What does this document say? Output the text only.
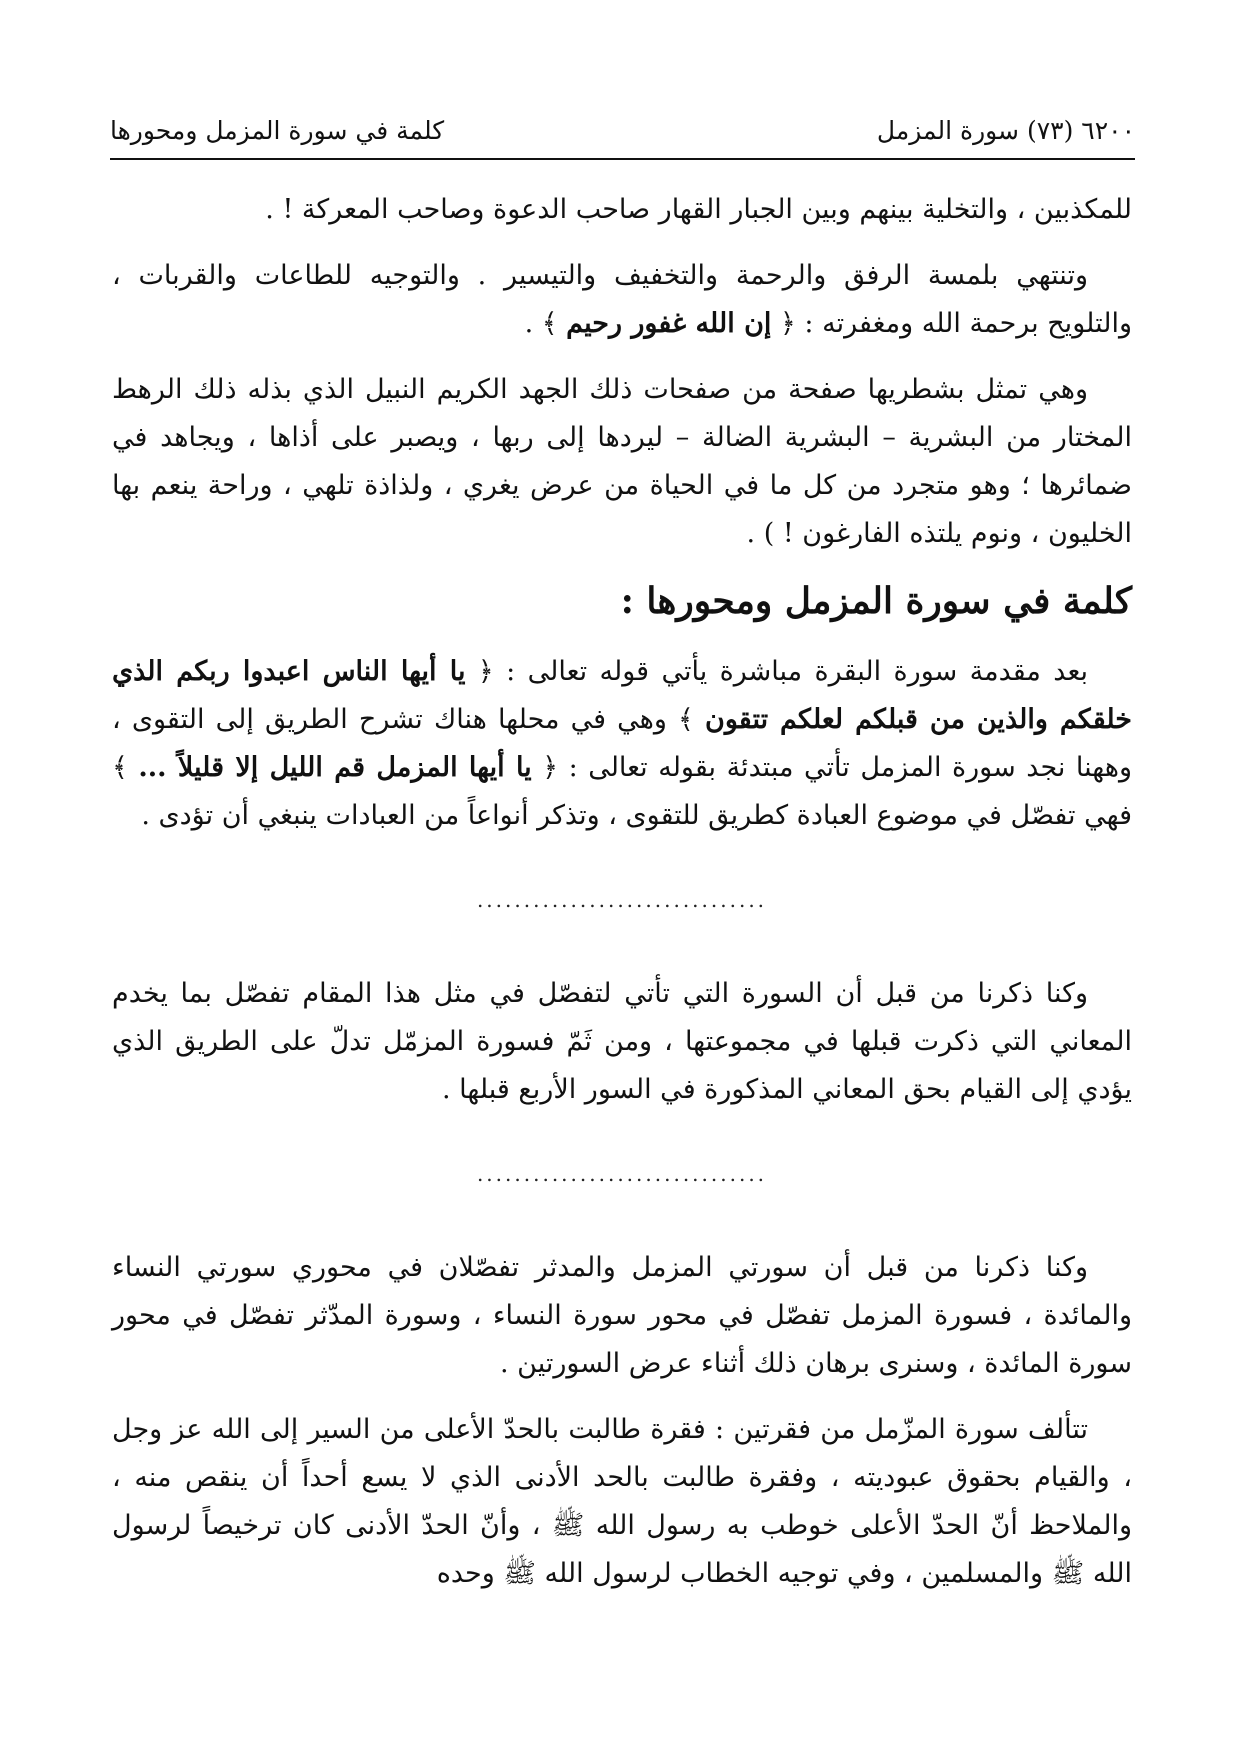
٦٢٠٠ (٧٣) سورة المزمل
كلمة في سورة المزمل ومحورها

للمكذبين ، والتخلية بينهم وبين الجبار القهار صاحب الدعوة وصاحب المعركة ! .

وتنتهي بلمسة الرفق والرحمة والتخفيف والتيسير . والتوجيه للطاعات والقربات ، والتلويح برحمة الله ومغفرته : ﴿ إن الله غفور رحيم ﴾ .

وهي تمثل بشطريها صفحة من صفحات ذلك الجهد الكريم النبيل الذي بذله ذلك الرهط المختار من البشرية – البشرية الضالة – ليردها إلى ربها ، ويصبر على أذاها ، ويجاهد في ضمائرها ؛ وهو متجرد من كل ما في الحياة من عرض يغري ، ولذاذة تلهي ، وراحة ينعم بها الخليون ، ونوم يلتذه الفارغون ! ) .

كلمة في سورة المزمل ومحورها :

بعد مقدمة سورة البقرة مباشرة يأتي قوله تعالى : ﴿ يا أيها الناس اعبدوا ربكم الذي خلقكم والذين من قبلكم لعلكم تتقون ﴾ وهي في محلها هناك تشرح الطريق إلى التقوى ، وههنا نجد سورة المزمل تأتي مبتدئة بقوله تعالى : ﴿ يا أيها المزمل قم الليل إلا قليلاً ... ﴾ فهي تفصّل في موضوع العبادة كطريق للتقوى ، وتذكر أنواعاً من العبادات ينبغي أن تؤدى .

...............................

وكنا ذكرنا من قبل أن السورة التي تأتي لتفصّل في مثل هذا المقام تفصّل بما يخدم المعاني التي ذكرت قبلها في مجموعتها ، ومن ثَمّ فسورة المزمّل تدلّ على الطريق الذي يؤدي إلى القيام بحق المعاني المذكورة في السور الأربع قبلها .

...............................

وكنا ذكرنا من قبل أن سورتي المزمل والمدثر تفصّلان في محوري سورتي النساء والمائدة ، فسورة المزمل تفصّل في محور سورة النساء ، وسورة المدّثر تفصّل في محور سورة المائدة ، وسنرى برهان ذلك أثناء عرض السورتين .

تتألف سورة المزّمل من فقرتين : فقرة طالبت بالحدّ الأعلى من السير إلى الله عز وجل ، والقيام بحقوق عبوديته ، وفقرة طالبت بالحد الأدنى الذي لا يسع أحداً أن ينقص منه ، والملاحظ أنّ الحدّ الأعلى خوطب به رسول الله ﷺ ، وأنّ الحدّ الأدنى كان ترخيصاً لرسول الله ﷺ والمسلمين ، وفي توجيه الخطاب لرسول الله ﷺ وحده
